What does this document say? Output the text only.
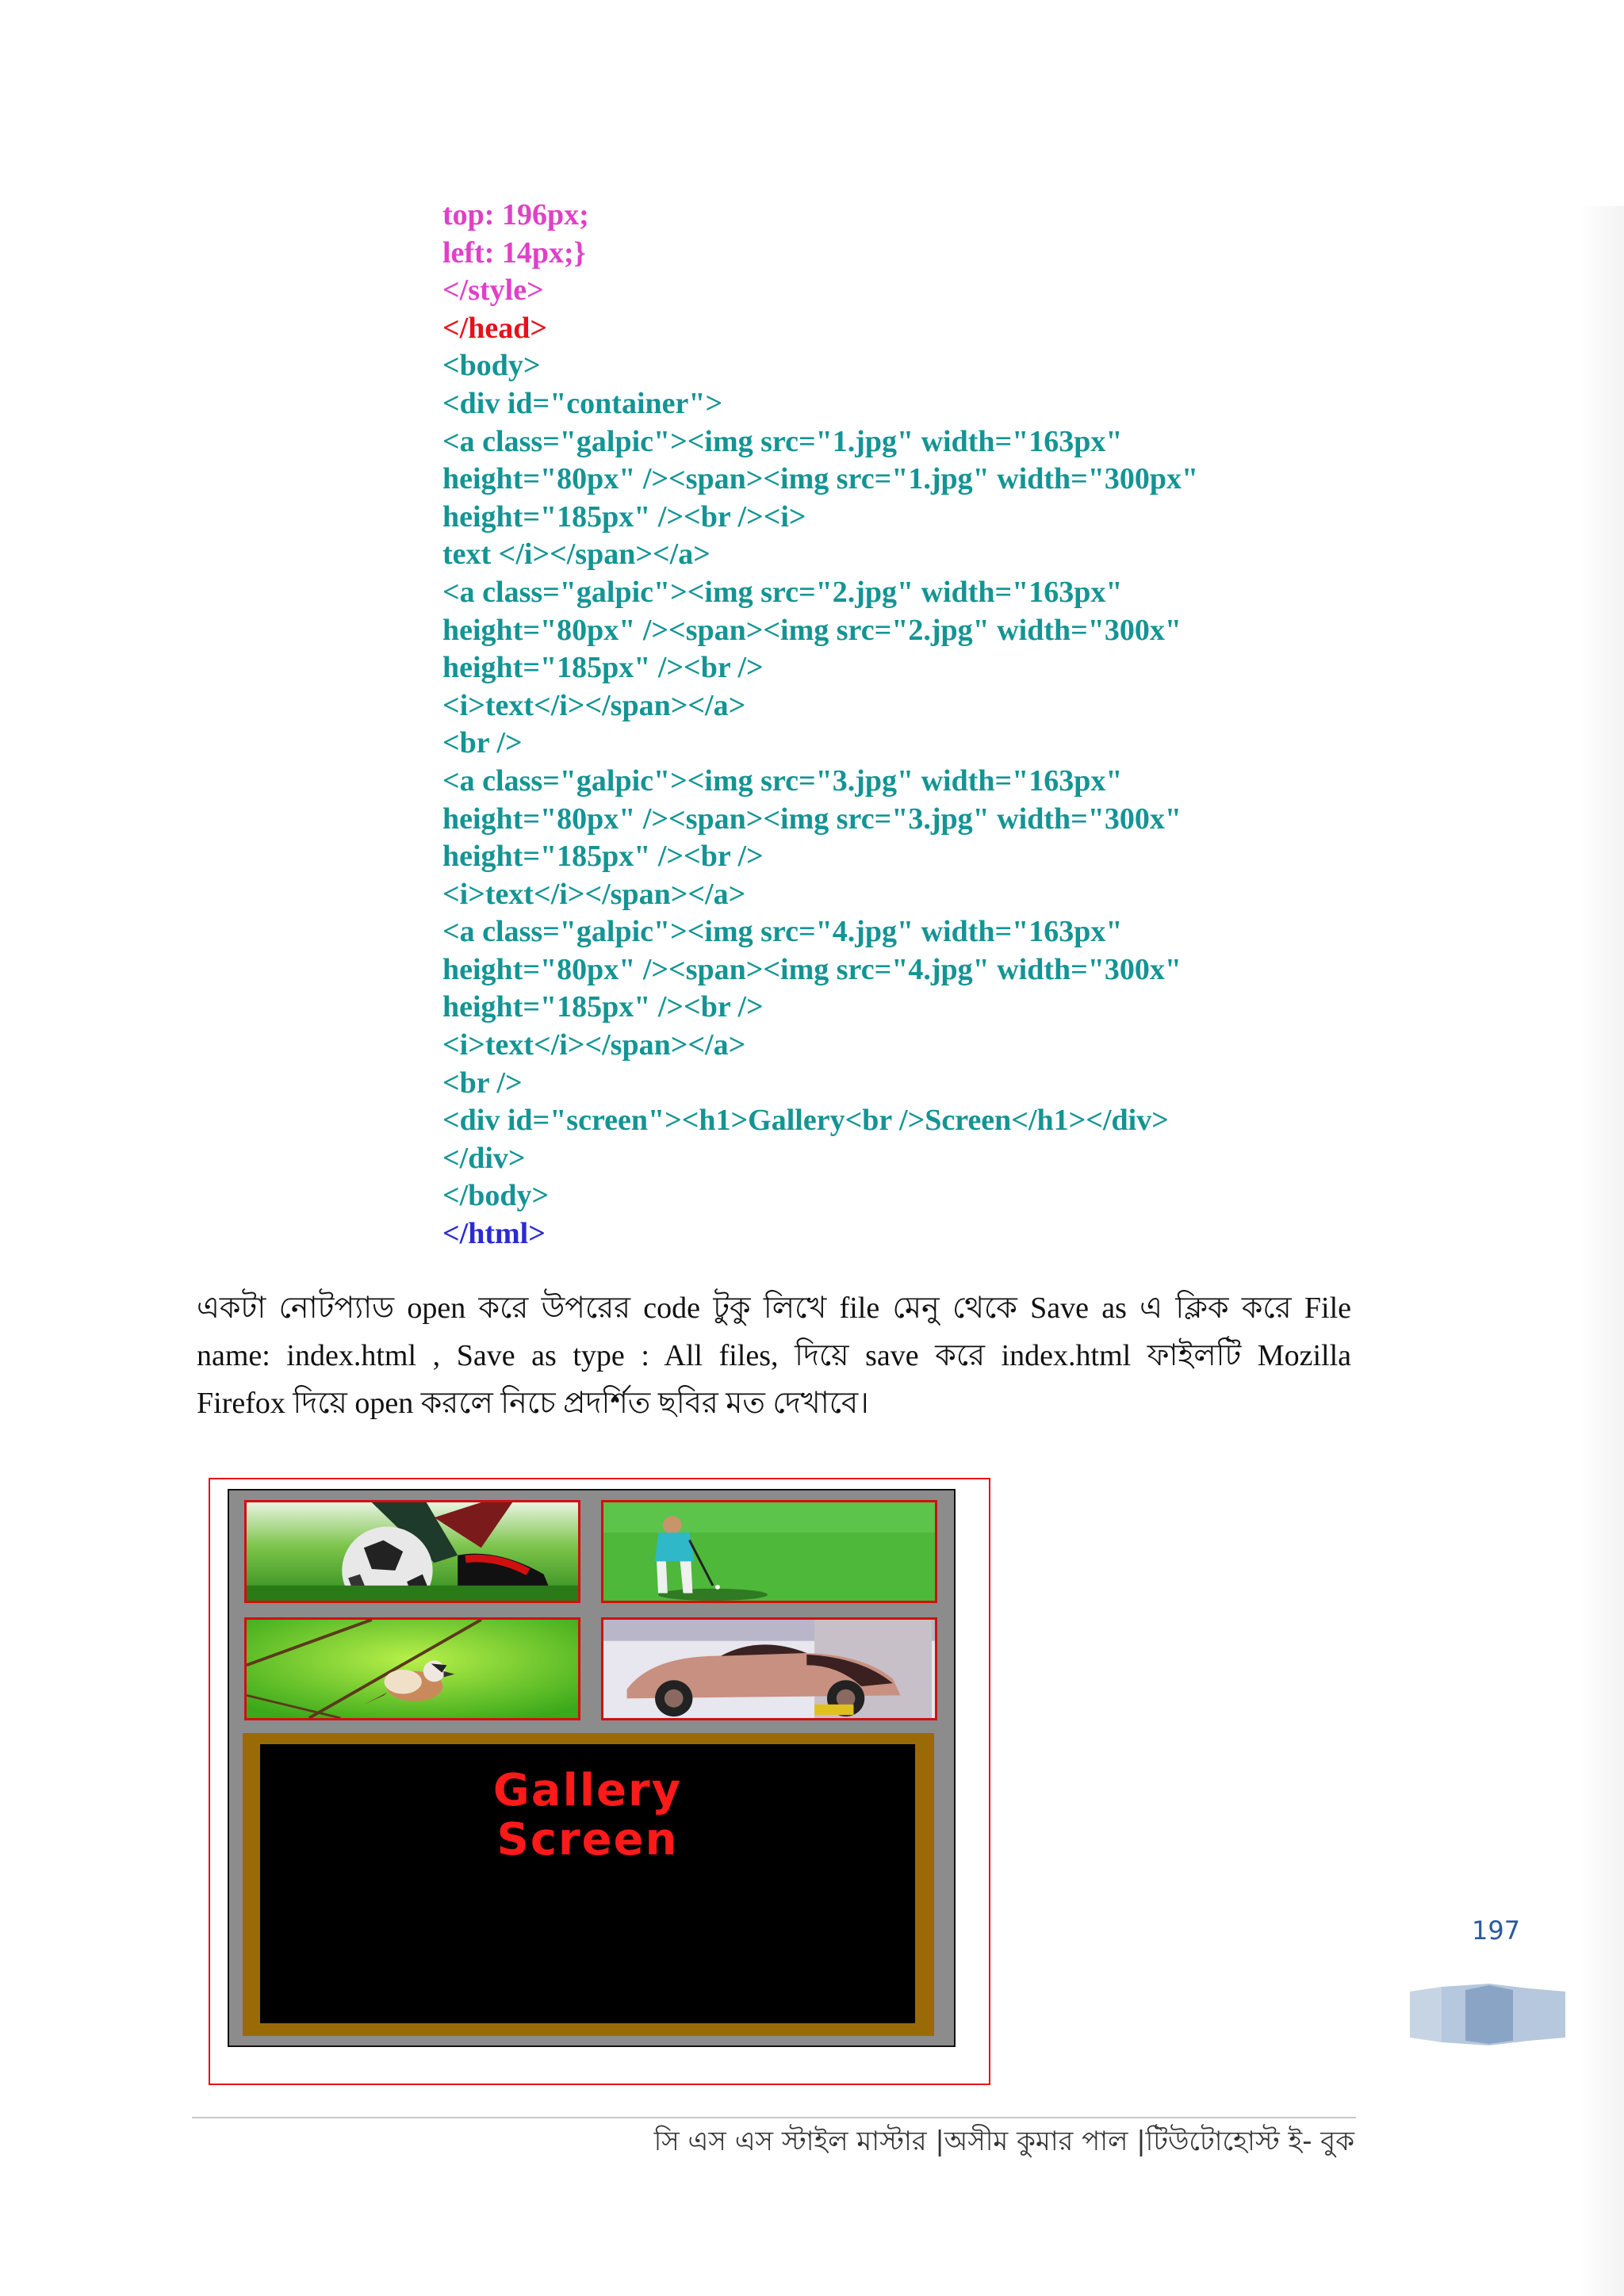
top: 196px;
left: 14px;}
</style>
</head>
<body>
<div id="container">
<a class="galpic"><img src="1.jpg" width="163px"
height="80px" /><span><img src="1.jpg" width="300px"
height="185px" /><br /><i>
text </i></span></a>
<a class="galpic"><img src="2.jpg" width="163px"
height="80px" /><span><img src="2.jpg" width="300x"
height="185px" /><br />
<i>text</i></span></a>
<br />
<a class="galpic"><img src="3.jpg" width="163px"
height="80px" /><span><img src="3.jpg" width="300x"
height="185px" /><br />
<i>text</i></span></a>
<a class="galpic"><img src="4.jpg" width="163px"
height="80px" /><span><img src="4.jpg" width="300x"
height="185px" /><br />
<i>text</i></span></a>
<br />
<div id="screen"><h1>Gallery<br />Screen</h1></div>
</div>
</body>
</html>
একটা নোটপ্যাড open করে উপরের code টুকু লিখে file মেনু থেকে Save as এ ক্লিক করে File
name: index.html , Save as type : All files, দিয়ে save করে index.html ফাইলটি Mozilla
Firefox দিয়ে open করলে নিচে প্রদর্শিত ছবির মত দেখাবে।
Gallery
Screen
197
সি এস এস স্টাইল মাস্টার |অসীম কুমার পাল |টিউটোহোস্ট ই- বুক
